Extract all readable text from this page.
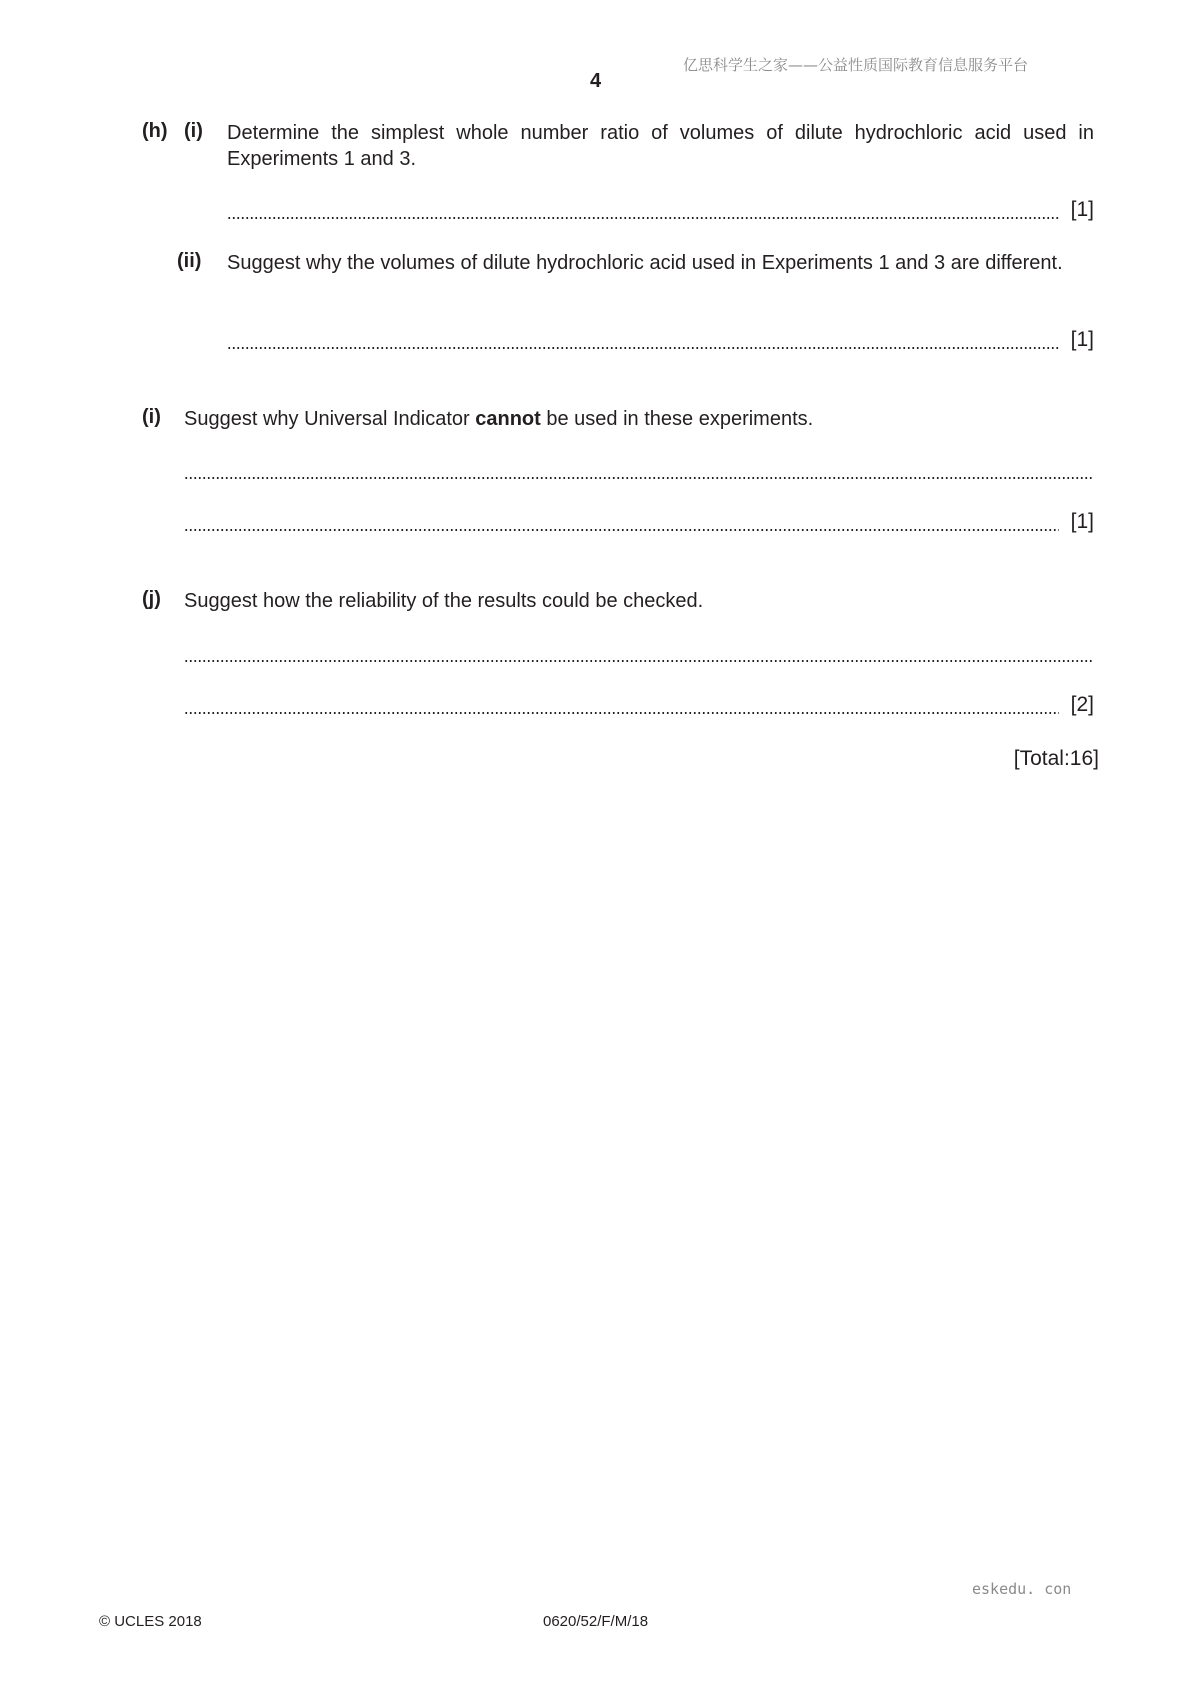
亿思科学生之家——公益性质国际教育信息服务平台
4
(h) (i) Determine the simplest whole number ratio of volumes of dilute hydrochloric acid used in Experiments 1 and 3.
[1]
(ii) Suggest why the volumes of dilute hydrochloric acid used in Experiments 1 and 3 are different.
[1]
(i) Suggest why Universal Indicator cannot be used in these experiments.
[1]
(j) Suggest how the reliability of the results could be checked.
[2]
[Total:16]
eskedu. con
© UCLES 2018	0620/52/F/M/18
